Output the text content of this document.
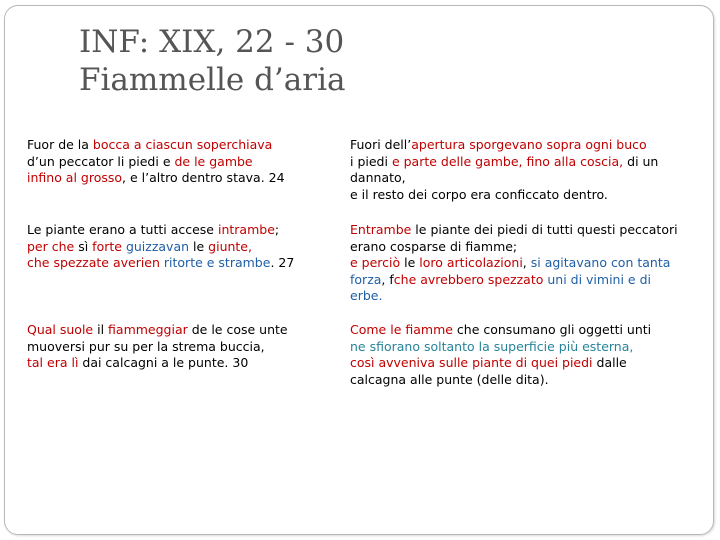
INF: XIX, 22 - 30
Fiammelle d’aria
Fuor de la bocca a ciascun soperchiava
d’un peccator li piedi e de le gambe
infino al grosso, e l’altro dentro stava. 24
Fuori dell’apertura sporgevano sopra ogni buco
i piedi e parte delle gambe, fino alla coscia, di un
dannato,
e il resto dei corpo era conficcato dentro.
Le piante erano a tutti accese intrambe;
per che sì forte guizzavan le giunte,
che spezzate averien ritorte e strambe. 27
Entrambe le piante dei piedi di tutti questi peccatori
erano cosparse di fiamme;
e perciò le loro articolazioni, si agitavano con tanta
forza, fche avrebbero spezzato uni di vimini e di
erbe.
Qual suole il fiammeggiar de le cose unte
muoversi pur su per la strema buccia,
tal era lì dai calcagni a le punte. 30
Come le fiamme che consumano gli oggetti unti
ne sfiorano soltanto la superficie più esterna,
così avveniva sulle piante di quei piedi dalle
calcagna alle punte (delle dita).
